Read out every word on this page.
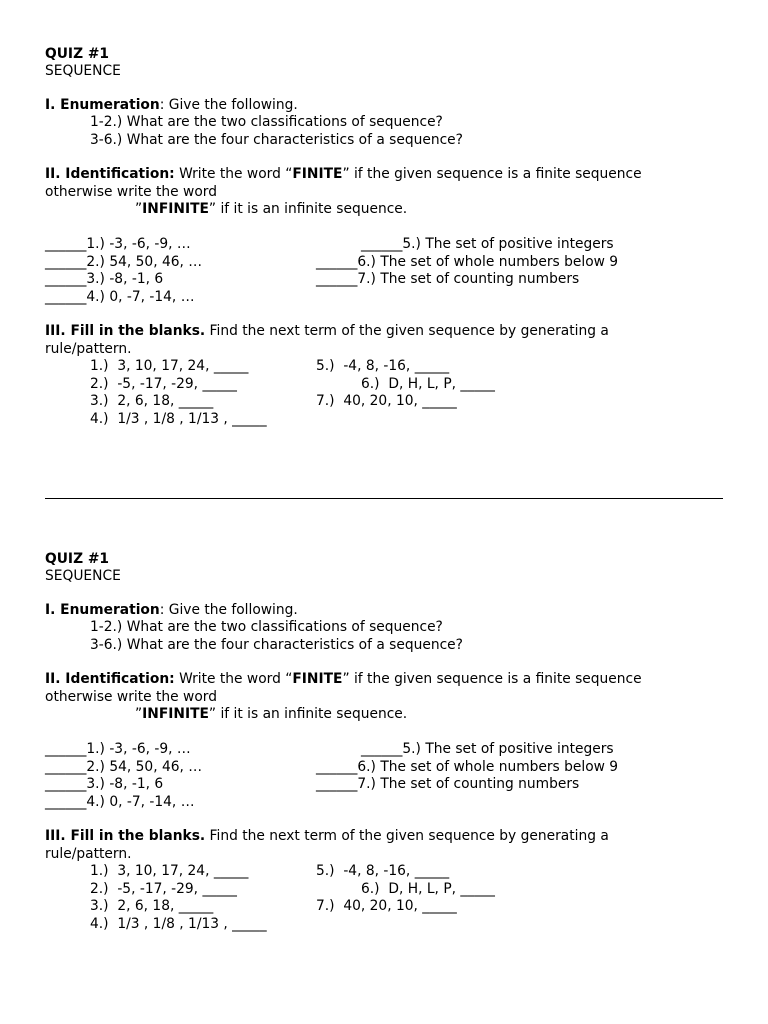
QUIZ #1
SEQUENCE
I. Enumeration: Give the following.
1-2.) What are the two classifications of sequence?
3-6.) What are the four characteristics of a sequence?
II. Identification: Write the word “FINITE” if the given sequence is a finite sequence
otherwise write the word
”INFINITE” if it is an infinite sequence.
______1.) -3, -6, -9, …
______2.) 54, 50, 46, …
______3.) -8, -1, 6
______4.) 0, -7, -14, …
______5.) The set of positive integers
______6.) The set of whole numbers below 9
______7.) The set of counting numbers
III. Fill in the blanks. Find the next term of the given sequence by generating a
rule/pattern.
1.)  3, 10, 17, 24, _____
2.)  -5, -17, -29, _____
3.)  2, 6, 18, _____
4.)  1/3 , 1/8 , 1/13 , _____
5.)  -4, 8, -16, _____
6.)  D, H, L, P, _____
7.)  40, 20, 10, _____
QUIZ #1
SEQUENCE
I. Enumeration: Give the following.
1-2.) What are the two classifications of sequence?
3-6.) What are the four characteristics of a sequence?
II. Identification: Write the word “FINITE” if the given sequence is a finite sequence
otherwise write the word
”INFINITE” if it is an infinite sequence.
______1.) -3, -6, -9, …
______2.) 54, 50, 46, …
______3.) -8, -1, 6
______4.) 0, -7, -14, …
______5.) The set of positive integers
______6.) The set of whole numbers below 9
______7.) The set of counting numbers
III. Fill in the blanks. Find the next term of the given sequence by generating a
rule/pattern.
1.)  3, 10, 17, 24, _____
2.)  -5, -17, -29, _____
3.)  2, 6, 18, _____
4.)  1/3 , 1/8 , 1/13 , _____
5.)  -4, 8, -16, _____
6.)  D, H, L, P, _____
7.)  40, 20, 10, _____
